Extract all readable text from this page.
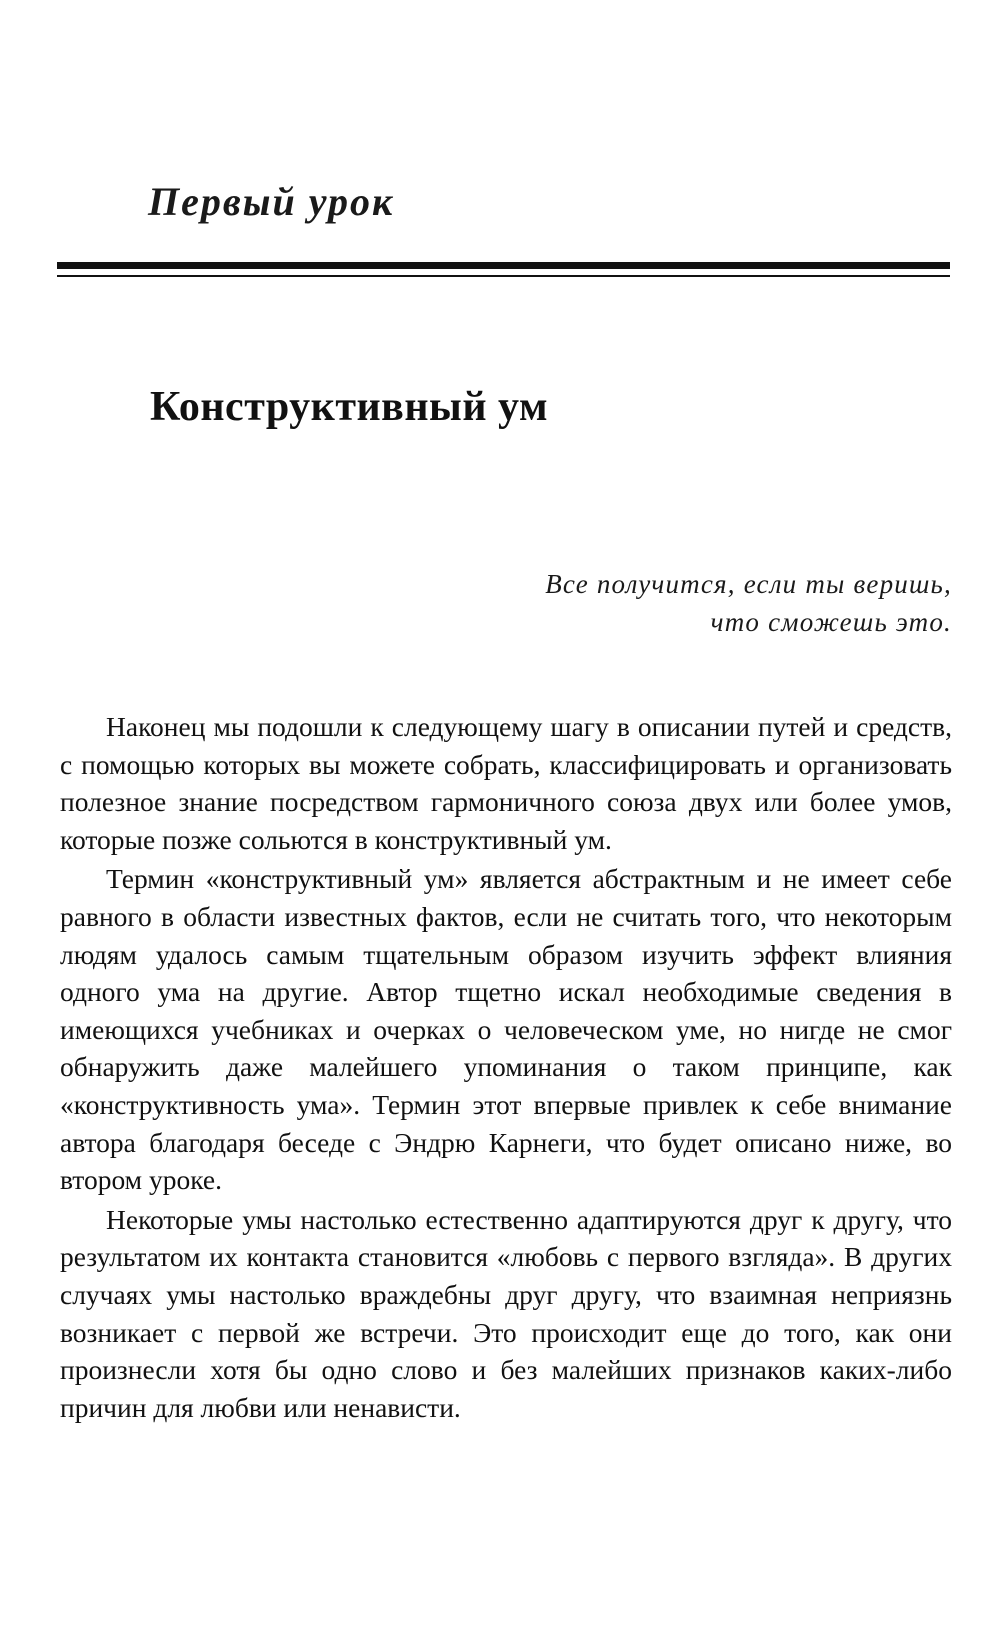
Первый урок
Конструктивный ум
Все получится, если ты веришь,
что сможешь это.

Наконец мы подошли к следующему шагу в описании путей и средств, с помощью которых вы можете собрать, классифицировать и организовать полезное знание посредством гармоничного союза двух или более умов, которые позже сольются в конструктивный ум.

Термин «конструктивный ум» является абстрактным и не имеет себе равного в области известных фактов, если не считать того, что некоторым людям удалось самым тщательным образом изучить эффект влияния одного ума на другие. Автор тщетно искал необходимые сведения в имеющихся учебниках и очерках о человеческом уме, но нигде не смог обнаружить даже малейшего упоминания о таком принципе, как «конструктивность ума». Термин этот впервые привлек к себе внимание автора благодаря беседе с Эндрю Карнеги, что будет описано ниже, во втором уроке.

Некоторые умы настолько естественно адаптируются друг к другу, что результатом их контакта становится «любовь с первого взгляда». В других случаях умы настолько враждебны друг другу, что взаимная неприязнь возникает с первой же встречи. Это происходит еще до того, как они произнесли хотя бы одно слово и без малейших признаков каких-либо причин для любви или ненависти.
